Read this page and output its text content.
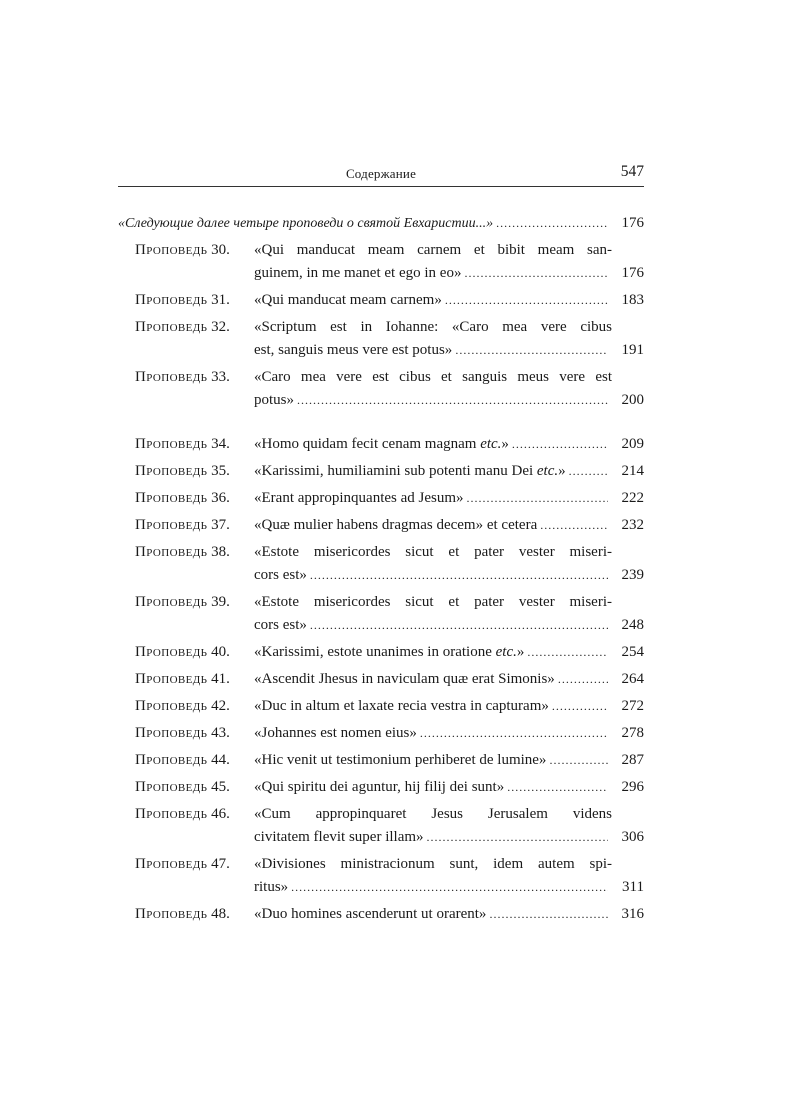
Содержание	547
«Следующие далее четыре проповеди о святой Евхаристии...» .....	176
Проповедь 30.	«Qui manducat meam carnem et bibit meam san-
guinem, in me manet et ego in eo» .....	176
Проповедь 31.	«Qui manducat meam carnem» .....	183
Проповедь 32.	«Scriptum est in Iohanne: «Caro mea vere cibus
est, sanguis meus vere est potus» .....	191
Проповедь 33.	«Caro mea vere est cibus et sanguis meus vere est
potus» .....	200
Проповедь 34.	«Homo quidam fecit cenam magnam etc.» .....	209
Проповедь 35.	«Karissimi, humiliamini sub potenti manu Dei etc.» .....	214
Проповедь 36.	«Erant appropinquantes ad Jesum» .....	222
Проповедь 37.	«Quæ mulier habens dragmas decem» et cetera .....	232
Проповедь 38.	«Estote misericordes sicut et pater vester miseri-
cors est» .....	239
Проповедь 39.	«Estote misericordes sicut et pater vester miseri-
cors est» .....	248
Проповедь 40.	«Karissimi, estote unanimes in oratione etc.» .....	254
Проповедь 41.	«Ascendit Jhesus in naviculam quæ erat Simonis» .....	264
Проповедь 42.	«Duc in altum et laxate recia vestra in capturam» .....	272
Проповедь 43.	«Johannes est nomen eius» .....	278
Проповедь 44.	«Hic venit ut testimonium perhiberet de lumine» .....	287
Проповедь 45.	«Qui spiritu dei aguntur, hij filij dei sunt» .....	296
Проповедь 46.	«Cum appropinquaret Jesus Jerusalem videns
civitatem flevit super illam» .....	306
Проповедь 47.	«Divisiones ministracionum sunt, idem autem spi-
ritus» .....	311
Проповедь 48.	«Duo homines ascenderunt ut orarent» .....	316
